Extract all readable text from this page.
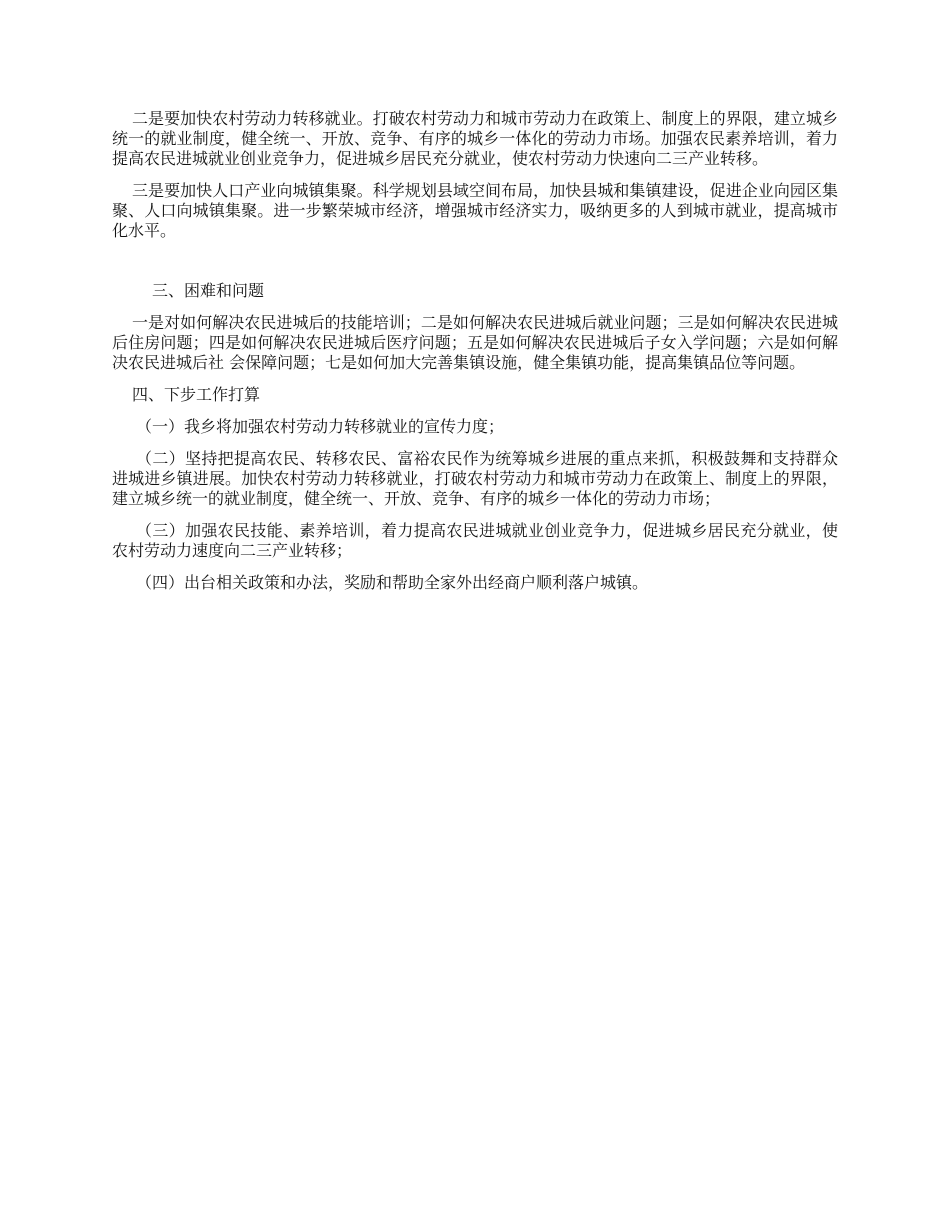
二是要加快农村劳动力转移就业。打破农村劳动力和城市劳动力在政策上、制度上的界限，建立城乡统一的就业制度，健全统一、开放、竞争、有序的城乡一体化的劳动力市场。加强农民素养培训，着力提高农民进城就业创业竞争力，促进城乡居民充分就业，使农村劳动力快速向二三产业转移。

三是要加快人口产业向城镇集聚。科学规划县域空间布局，加快县城和集镇建设，促进企业向园区集聚、人口向城镇集聚。进一步繁荣城市经济，增强城市经济实力，吸纳更多的人到城市就业，提高城市化水平。

三、困难和问题

一是对如何解决农民进城后的技能培训；二是如何解决农民进城后就业问题；三是如何解决农民进城后住房问题；四是如何解决农民进城后医疗问题；五是如何解决农民进城后子女入学问题；六是如何解决农民进城后社 会保障问题；七是如何加大完善集镇设施，健全集镇功能，提高集镇品位等问题。

四、下步工作打算

（一）我乡将加强农村劳动力转移就业的宣传力度；

（二）坚持把提高农民、转移农民、富裕农民作为统筹城乡进展的重点来抓，积极鼓舞和支持群众进城进乡镇进展。加快农村劳动力转移就业，打破农村劳动力和城市劳动力在政策上、制度上的界限，建立城乡统一的就业制度，健全统一、开放、竞争、有序的城乡一体化的劳动力市场；

（三）加强农民技能、素养培训，着力提高农民进城就业创业竞争力，促进城乡居民充分就业，使农村劳动力速度向二三产业转移；

（四）出台相关政策和办法，奖励和帮助全家外出经商户顺利落户城镇。
